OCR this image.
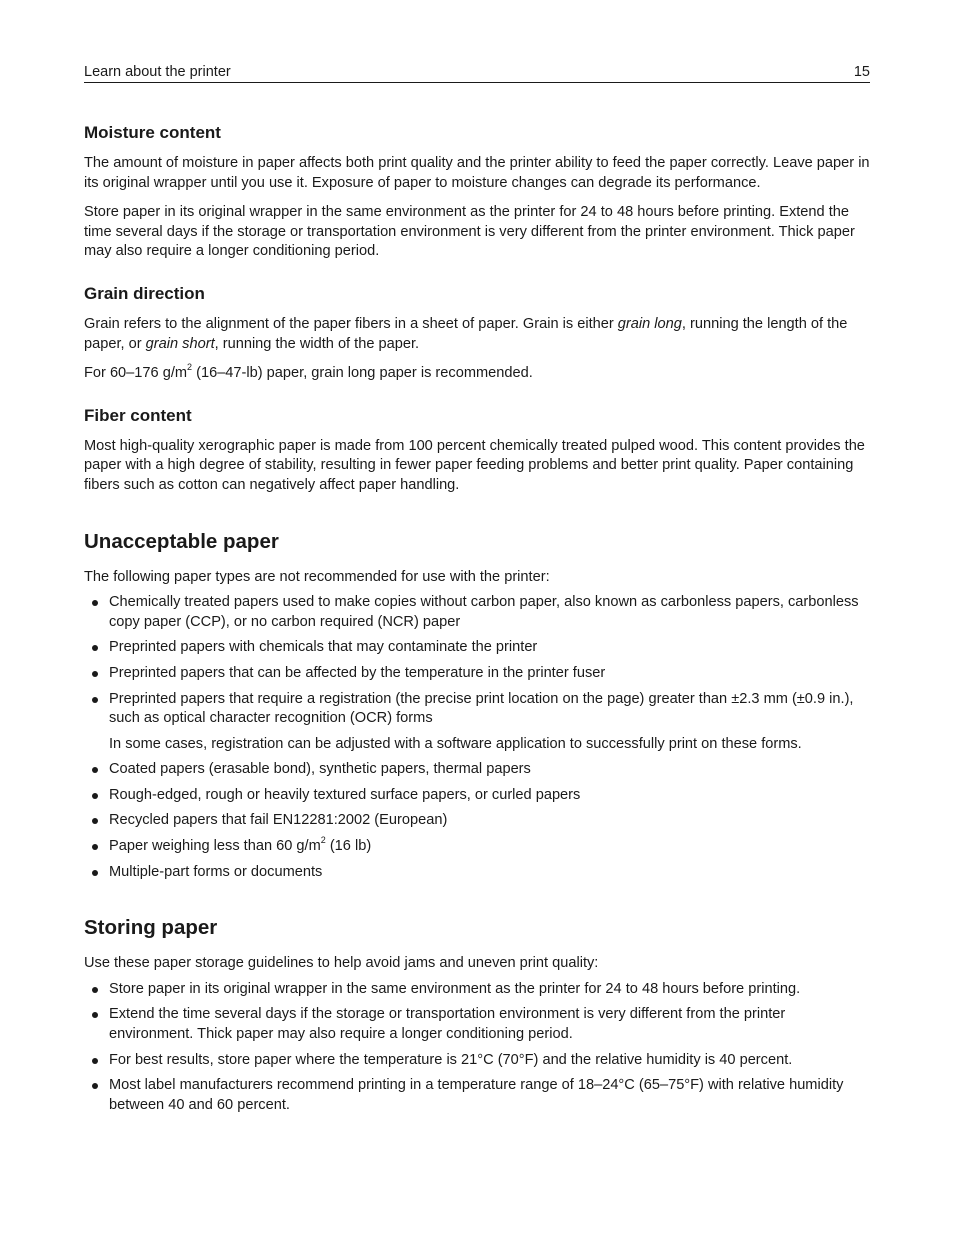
Learn about the printer	15
Moisture content

The amount of moisture in paper affects both print quality and the printer ability to feed the paper correctly. Leave paper in its original wrapper until you use it. Exposure of paper to moisture changes can degrade its performance.

Store paper in its original wrapper in the same environment as the printer for 24 to 48 hours before printing. Extend the time several days if the storage or transportation environment is very different from the printer environment. Thick paper may also require a longer conditioning period.

Grain direction

Grain refers to the alignment of the paper fibers in a sheet of paper. Grain is either grain long, running the length of the paper, or grain short, running the width of the paper.

For 60–176 $g/m^2$ (16–47-lb) paper, grain long paper is recommended.

Fiber content

Most high-quality xerographic paper is made from 100 percent chemically treated pulped wood. This content provides the paper with a high degree of stability, resulting in fewer paper feeding problems and better print quality. Paper containing fibers such as cotton can negatively affect paper handling.

Unacceptable paper

The following paper types are not recommended for use with the printer:

Chemically treated papers used to make copies without carbon paper, also known as carbonless papers, carbonless copy paper (CCP), or no carbon required (NCR) paper
Preprinted papers with chemicals that may contaminate the printer
Preprinted papers that can be affected by the temperature in the printer fuser
Preprinted papers that require a registration (the precise print location on the page) greater than ±2.3 mm (±0.9 in.), such as optical character recognition (OCR) forms
In some cases, registration can be adjusted with a software application to successfully print on these forms.
Coated papers (erasable bond), synthetic papers, thermal papers
Rough-edged, rough or heavily textured surface papers, or curled papers
Recycled papers that fail EN12281:2002 (European)
Paper weighing less than 60 $g/m^2$ (16 lb)
Multiple-part forms or documents
Storing paper

Use these paper storage guidelines to help avoid jams and uneven print quality:

Store paper in its original wrapper in the same environment as the printer for 24 to 48 hours before printing.
Extend the time several days if the storage or transportation environment is very different from the printer environment. Thick paper may also require a longer conditioning period.
For best results, store paper where the temperature is 21°C (70°F) and the relative humidity is 40 percent.
Most label manufacturers recommend printing in a temperature range of 18–24°C (65–75°F) with relative humidity between 40 and 60 percent.
